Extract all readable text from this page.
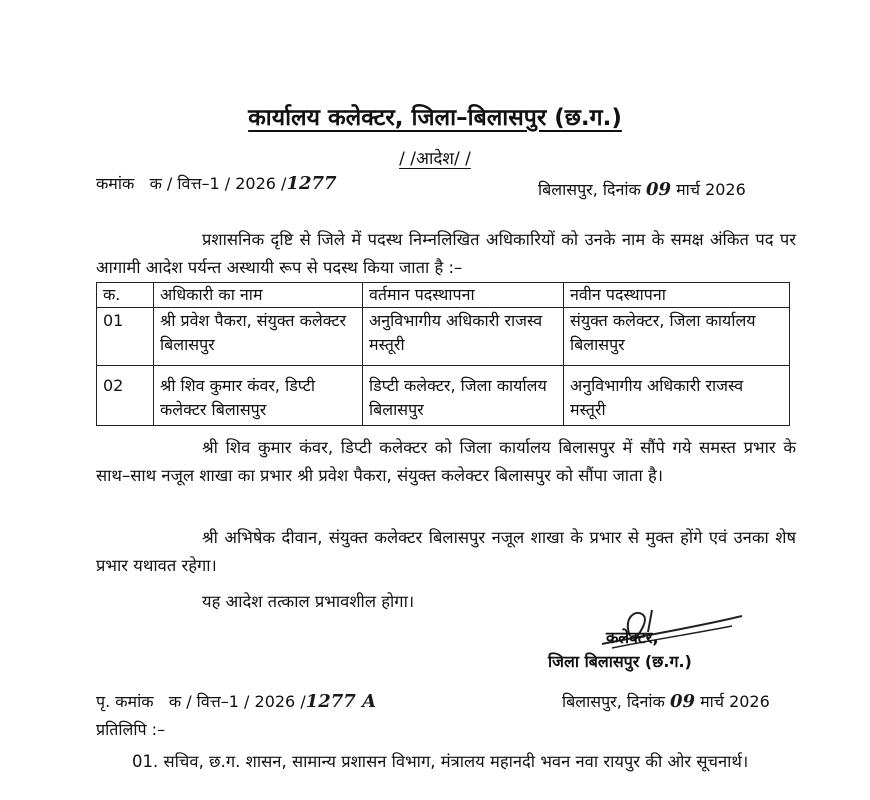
कार्यालय कलेक्टर, जिला–बिलासपुर (छ.ग.)
/ /आदेश/ /
कमांक क / वित्त–1 / 2026 /1277	बिलासपुर, दिनांक 09 मार्च 2026
प्रशासनिक दृष्टि से जिले में पदस्थ निम्नलिखित अधिकारियों को उनके नाम के समक्ष अंकित पद पर आगामी आदेश पर्यन्त अस्थायी रूप से पदस्थ किया जाता है :–
क.	अधिकारी का नाम	वर्तमान पदस्थापना	नवीन पदस्थापना
01	श्री प्रवेश पैकरा, संयुक्त कलेक्टर बिलासपुर	अनुविभागीय अधिकारी राजस्व मस्तूरी	संयुक्त कलेक्टर, जिला कार्यालय बिलासपुर
02	श्री शिव कुमार कंवर, डिप्टी कलेक्टर बिलासपुर	डिप्टी कलेक्टर, जिला कार्यालय बिलासपुर	अनुविभागीय अधिकारी राजस्व मस्तूरी
श्री शिव कुमार कंवर, डिप्टी कलेक्टर को जिला कार्यालय बिलासपुर में सौंपे गये समस्त प्रभार के साथ–साथ नजूल शाखा का प्रभार श्री प्रवेश पैकरा, संयुक्त कलेक्टर बिलासपुर को सौंपा जाता है।
श्री अभिषेक दीवान, संयुक्त कलेक्टर बिलासपुर नजूल शाखा के प्रभार से मुक्त होंगे एवं उनका शेष प्रभार यथावत रहेगा।
यह आदेश तत्काल प्रभावशील होगा।
कलेक्टर,
जिला बिलासपुर (छ.ग.)
पृ. कमांक क / वित्त–1 / 2026 /1277 A	बिलासपुर, दिनांक 09 मार्च 2026
प्रतिलिपि :–
01. सचिव, छ.ग. शासन, सामान्य प्रशासन विभाग, मंत्रालय महानदी भवन नवा रायपुर की ओर सूचनार्थ।
